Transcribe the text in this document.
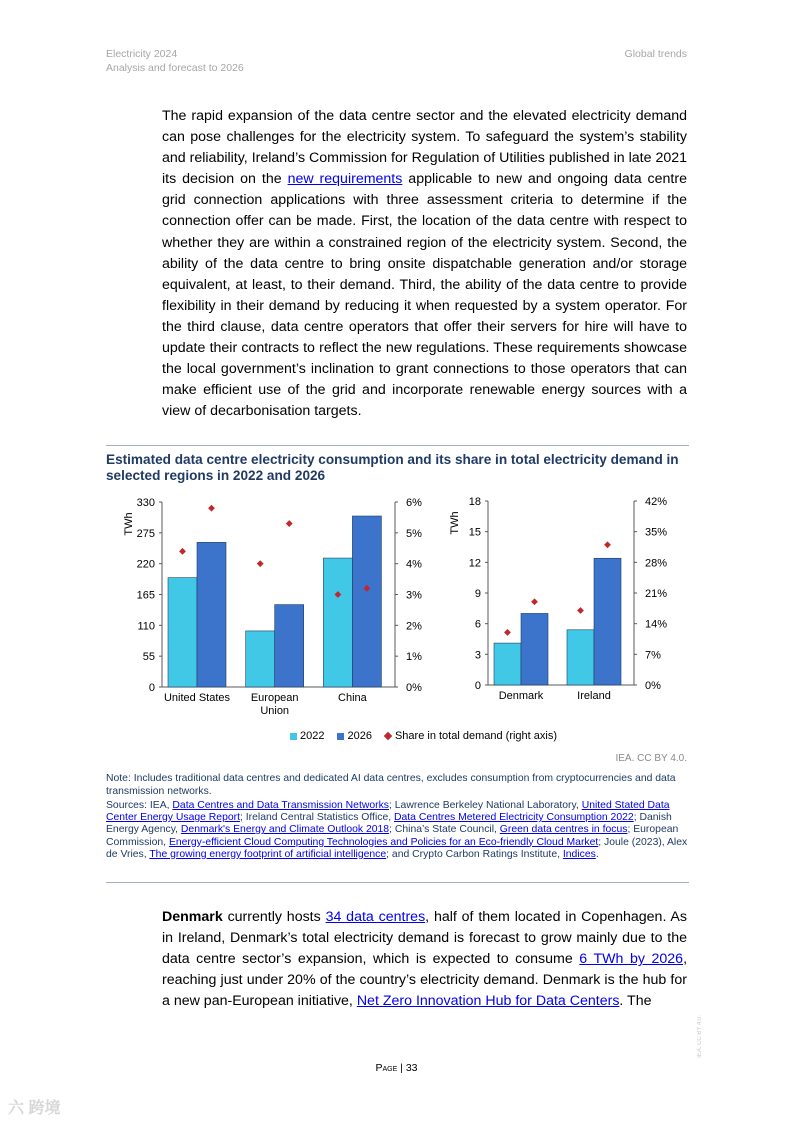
Electricity 2024
Analysis and forecast to 2026
Global trends
The rapid expansion of the data centre sector and the elevated electricity demand can pose challenges for the electricity system. To safeguard the system’s stability and reliability, Ireland’s Commission for Regulation of Utilities published in late 2021 its decision on the new requirements applicable to new and ongoing data centre grid connection applications with three assessment criteria to determine if the connection offer can be made. First, the location of the data centre with respect to whether they are within a constrained region of the electricity system. Second, the ability of the data centre to bring onsite dispatchable generation and/or storage equivalent, at least, to their demand. Third, the ability of the data centre to provide flexibility in their demand by reducing it when requested by a system operator. For the third clause, data centre operators that offer their servers for hire will have to update their contracts to reflect the new regulations. These requirements showcase the local government’s inclination to grant connections to those operators that can make efficient use of the grid and incorporate renewable energy sources with a view of decarbonisation targets.
Estimated data centre electricity consumption and its share in total electricity demand in selected regions in 2022 and 2026
TWh
0
55
110
165
220
275
330
0%
1%
2%
3%
4%
5%
6%
United States European
Union
China
TWh
0
3
6
9
12
15
18
0%
7%
14%
21%
28%
35%
42%
Denmark	Ireland
2022 2026 Share in total demand (right axis)
IEA. CC BY 4.0.
Note: Includes traditional data centres and dedicated AI data centres, excludes consumption from cryptocurrencies and data transmission networks.
Sources: IEA, Data Centres and Data Transmission Networks; Lawrence Berkeley National Laboratory, United Stated Data Center Energy Usage Report; Ireland Central Statistics Office, Data Centres Metered Electricity Consumption 2022; Danish Energy Agency, Denmark's Energy and Climate Outlook 2018; China’s State Council, Green data centres in focus; European Commission, Energy-efficient Cloud Computing Technologies and Policies for an Eco-friendly Cloud Market; Joule (2023), Alex de Vries, The growing energy footprint of artificial intelligence; and Crypto Carbon Ratings Institute, Indices.
Denmark currently hosts 34 data centres, half of them located in Copenhagen. As in Ireland, Denmark’s total electricity demand is forecast to grow mainly due to the data centre sector’s expansion, which is expected to consume 6 TWh by 2026, reaching just under 20% of the country’s electricity demand. Denmark is the hub for a new pan-European initiative, Net Zero Innovation Hub for Data Centers. The
Page | 33
IEA. CC BY 4.0.
六 跨境
